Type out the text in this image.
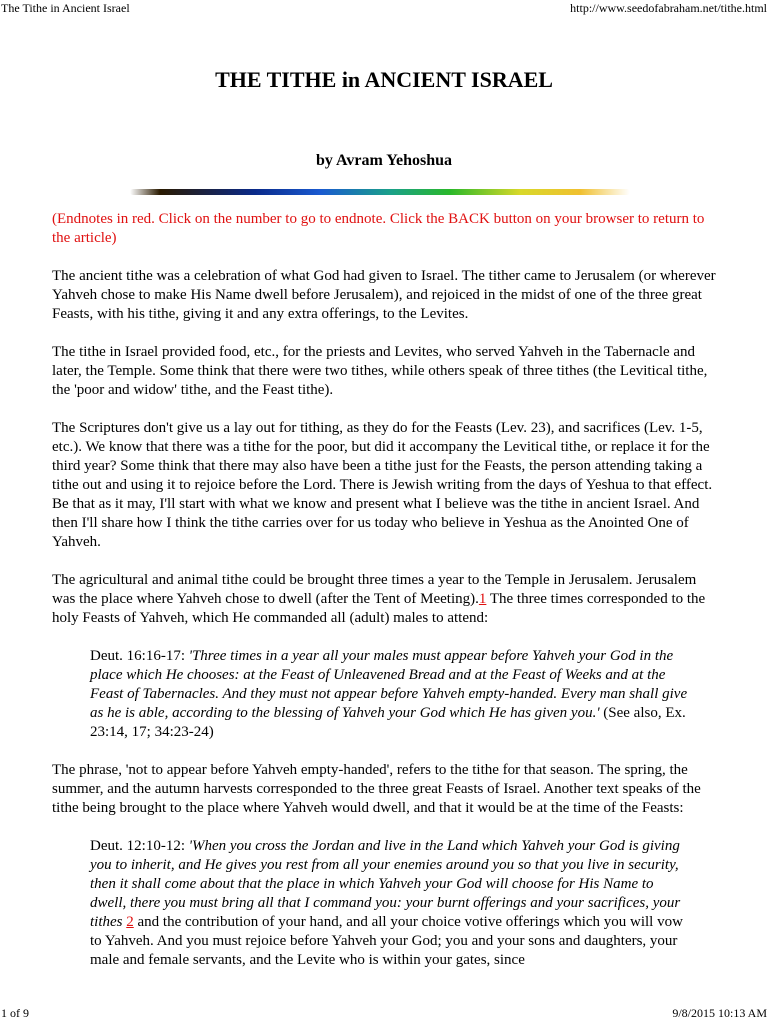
The Tithe in Ancient Israel	http://www.seedofabraham.net/tithe.html
THE TITHE in ANCIENT ISRAEL
by Avram Yehoshua

(Endnotes in red. Click on the number to go to endnote. Click the BACK button on your browser to return to the article)

The ancient tithe was a celebration of what God had given to Israel. The tither came to Jerusalem (or wherever Yahveh chose to make His Name dwell before Jerusalem), and rejoiced in the midst of one of the three great Feasts, with his tithe, giving it and any extra offerings, to the Levites.

The tithe in Israel provided food, etc., for the priests and Levites, who served Yahveh in the Tabernacle and later, the Temple. Some think that there were two tithes, while others speak of three tithes (the Levitical tithe, the 'poor and widow' tithe, and the Feast tithe).

The Scriptures don't give us a lay out for tithing, as they do for the Feasts (Lev. 23), and sacrifices (Lev. 1-5, etc.). We know that there was a tithe for the poor, but did it accompany the Levitical tithe, or replace it for the third year? Some think that there may also have been a tithe just for the Feasts, the person attending taking a tithe out and using it to rejoice before the Lord. There is Jewish writing from the days of Yeshua to that effect. Be that as it may, I'll start with what we know and present what I believe was the tithe in ancient Israel. And then I'll share how I think the tithe carries over for us today who believe in Yeshua as the Anointed One of Yahveh.

The agricultural and animal tithe could be brought three times a year to the Temple in Jerusalem. Jerusalem was the place where Yahveh chose to dwell (after the Tent of Meeting).1 The three times corresponded to the holy Feasts of Yahveh, which He commanded all (adult) males to attend:

Deut. 16:16-17: 'Three times in a year all your males must appear before Yahveh your God in the place which He chooses: at the Feast of Unleavened Bread and at the Feast of Weeks and at the Feast of Tabernacles. And they must not appear before Yahveh empty-handed. Every man shall give as he is able, according to the blessing of Yahveh your God which He has given you.' (See also, Ex. 23:14, 17; 34:23-24)

The phrase, 'not to appear before Yahveh empty-handed', refers to the tithe for that season. The spring, the summer, and the autumn harvests corresponded to the three great Feasts of Israel. Another text speaks of the tithe being brought to the place where Yahveh would dwell, and that it would be at the time of the Feasts:

Deut. 12:10-12: 'When you cross the Jordan and live in the Land which Yahveh your God is giving you to inherit, and He gives you rest from all your enemies around you so that you live in security, then it shall come about that the place in which Yahveh your God will choose for His Name to dwell, there you must bring all that I command you: your burnt offerings and your sacrifices, your tithes 2 and the contribution of your hand, and all your choice votive offerings which you will vow to Yahveh. And you must rejoice before Yahveh your God; you and your sons and daughters, your male and female servants, and the Levite who is within your gates, since

1 of 9	9/8/2015 10:13 AM
